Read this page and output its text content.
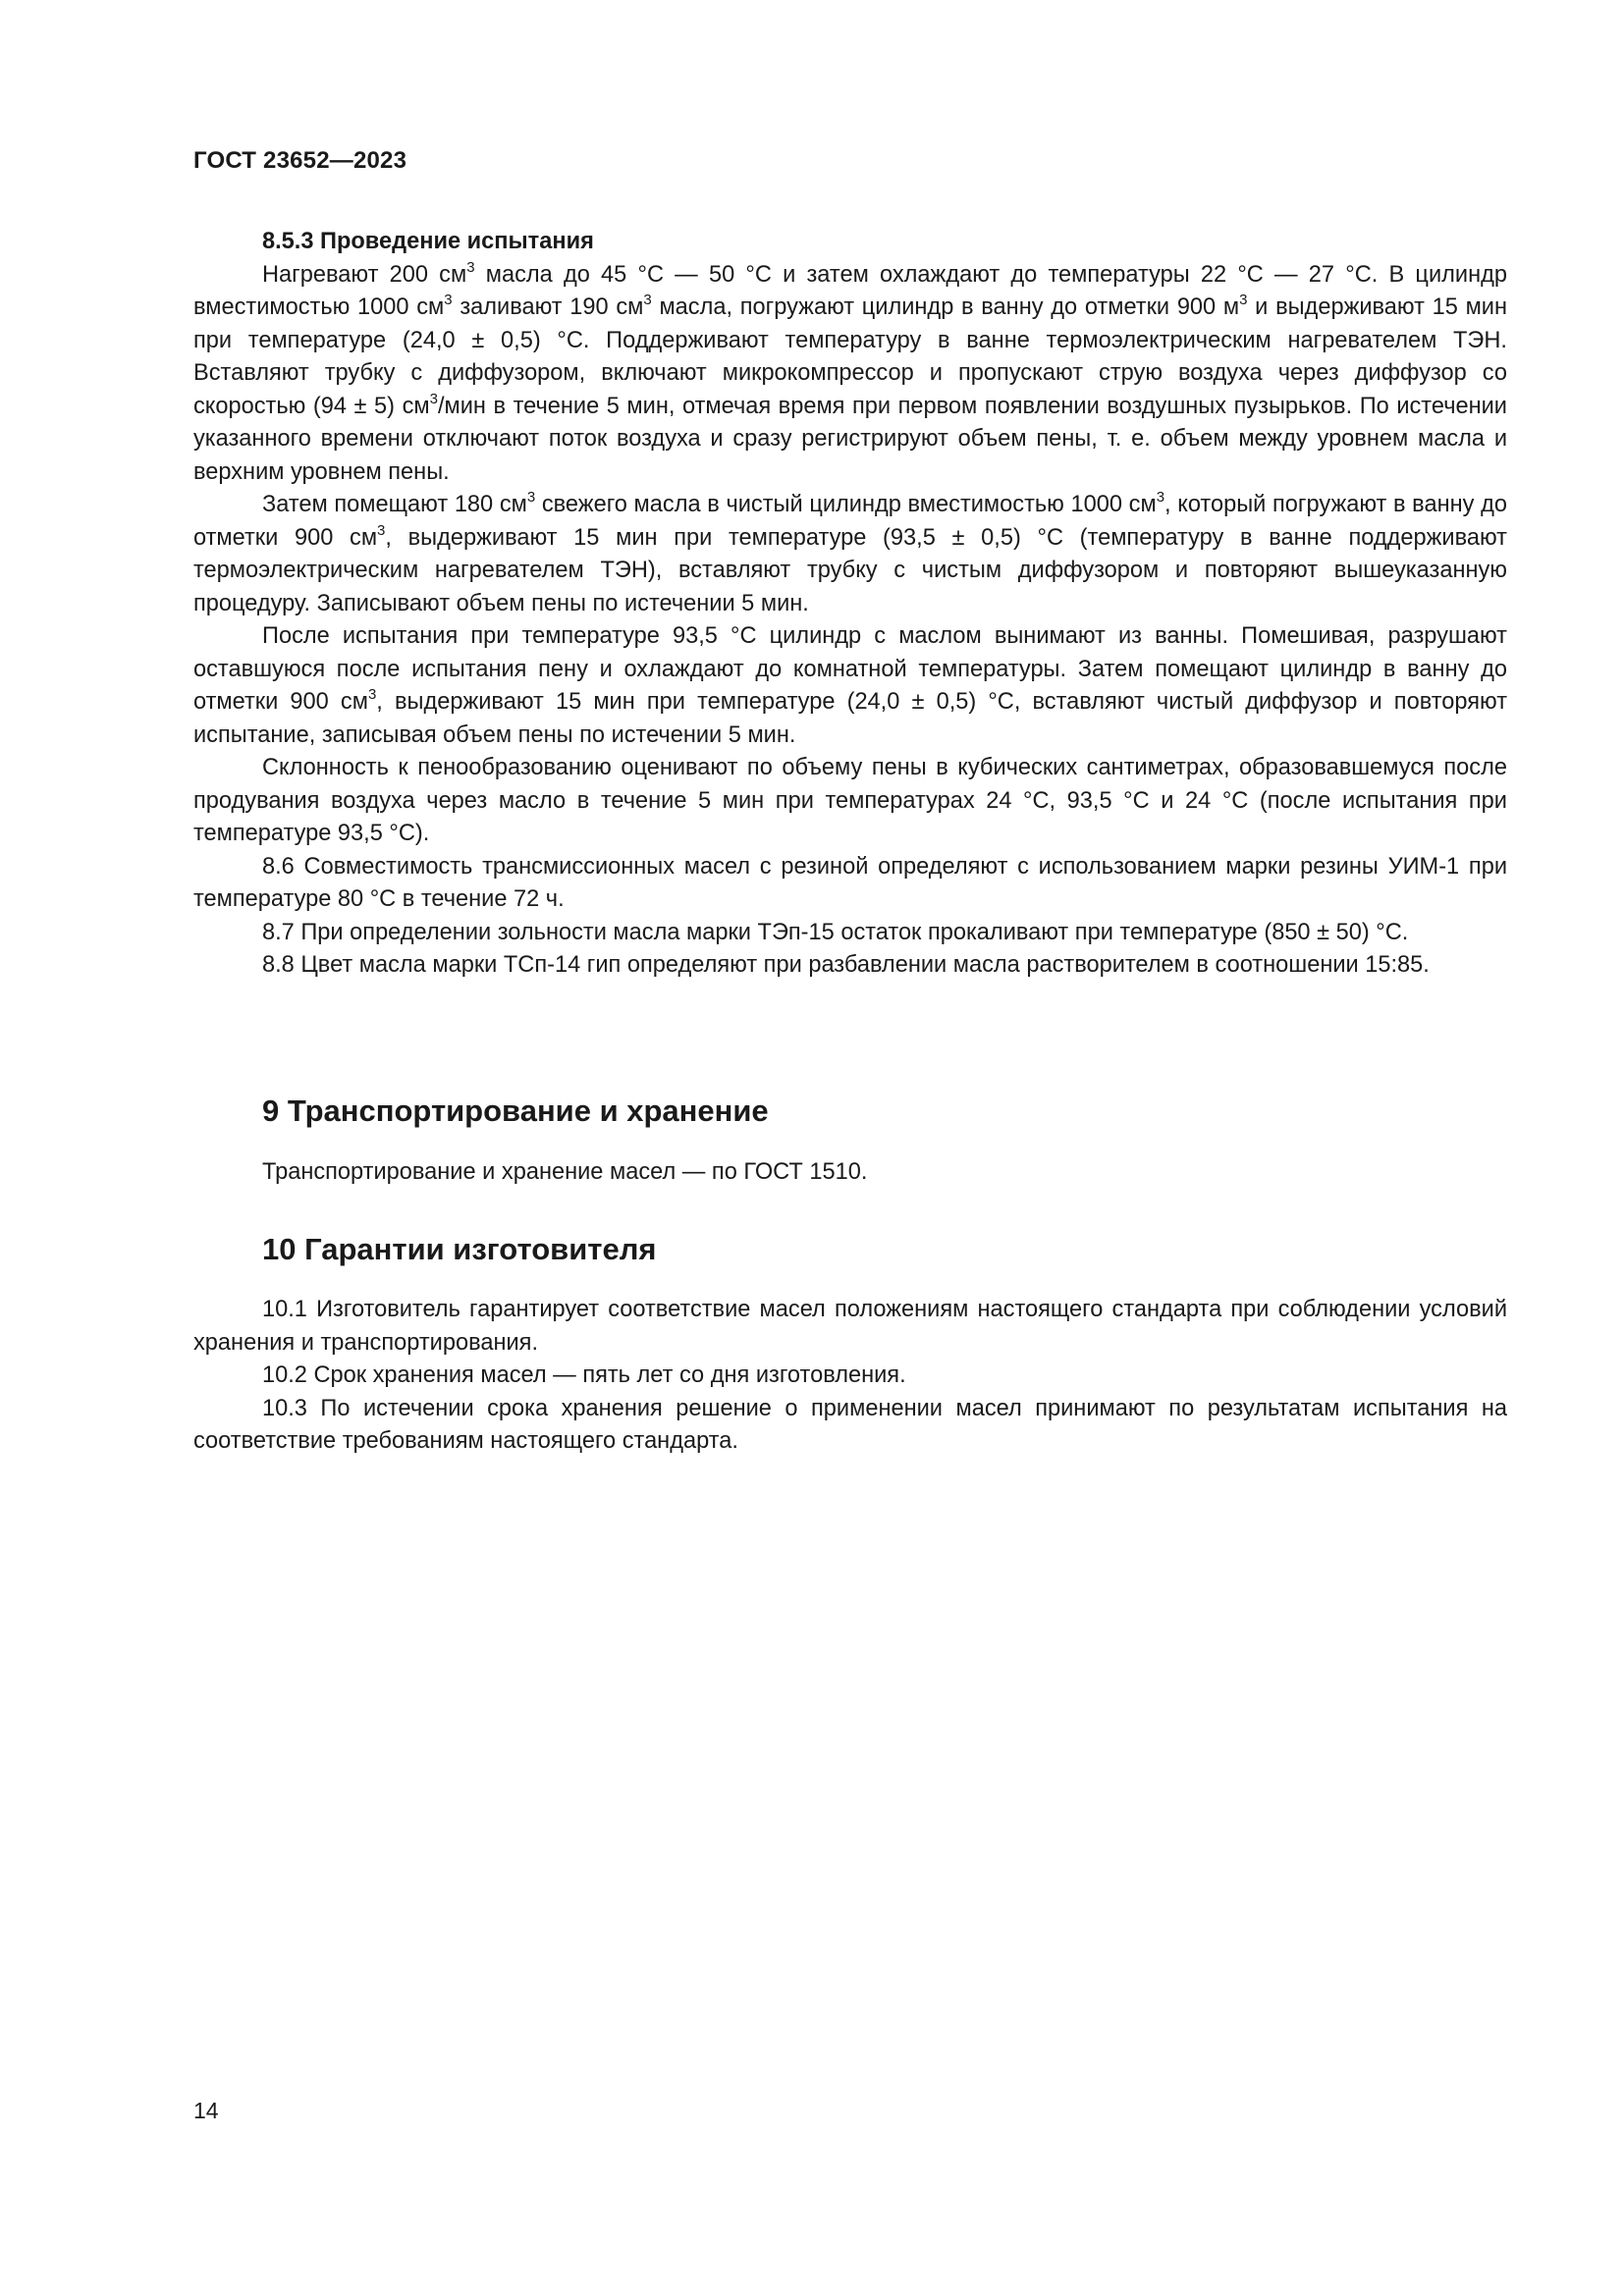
ГОСТ 23652—2023

8.5.3 Проведение испытания

Нагревают 200 $см^3$ масла до 45 °С — 50 °С и затем охлаждают до температуры 22 °С — 27 °С. В цилиндр вместимостью 1000 $см^3$ заливают 190 $см^3$ масла, погружают цилиндр в ванну до отметки 900 $м^3$ и выдерживают 15 мин при температуре (24,0 ± 0,5) °С. Поддерживают температуру в ванне термоэлектрическим нагревателем ТЭН. Вставляют трубку с диффузором, включают микрокомпрессор и пропускают струю воздуха через диффузор со скоростью (94 ± 5) $см^3$/мин в течение 5 мин, отмечая время при первом появлении воздушных пузырьков. По истечении указанного времени отключают поток воздуха и сразу регистрируют объем пены, т. е. объем между уровнем масла и верхним уровнем пены.

Затем помещают 180 $см^3$ свежего масла в чистый цилиндр вместимостью 1000 $см^3$, который погружают в ванну до отметки 900 $см^3$, выдерживают 15 мин при температуре (93,5 ± 0,5) °С (температуру в ванне поддерживают термоэлектрическим нагревателем ТЭН), вставляют трубку с чистым диффузором и повторяют вышеуказанную процедуру. Записывают объем пены по истечении 5 мин.

После испытания при температуре 93,5 °С цилиндр с маслом вынимают из ванны. Помешивая, разрушают оставшуюся после испытания пену и охлаждают до комнатной температуры. Затем помещают цилиндр в ванну до отметки 900 $см^3$, выдерживают 15 мин при температуре (24,0 ± 0,5) °С, вставляют чистый диффузор и повторяют испытание, записывая объем пены по истечении 5 мин.

Склонность к пенообразованию оценивают по объему пены в кубических сантиметрах, образовавшемуся после продувания воздуха через масло в течение 5 мин при температурах 24 °С, 93,5 °С и 24 °С (после испытания при температуре 93,5 °С).

8.6 Совместимость трансмиссионных масел с резиной определяют с использованием марки резины УИМ-1 при температуре 80 °С в течение 72 ч.

8.7 При определении зольности масла марки ТЭп-15 остаток прокаливают при температуре (850 ± 50) °С.

8.8 Цвет масла марки ТСп-14 гип определяют при разбавлении масла растворителем в соотношении 15:85.

9 Транспортирование и хранение

Транспортирование и хранение масел — по ГОСТ 1510.

10 Гарантии изготовителя

10.1 Изготовитель гарантирует соответствие масел положениям настоящего стандарта при соблюдении условий хранения и транспортирования.

10.2 Срок хранения масел — пять лет со дня изготовления.

10.3 По истечении срока хранения решение о применении масел принимают по результатам испытания на соответствие требованиям настоящего стандарта.

14
